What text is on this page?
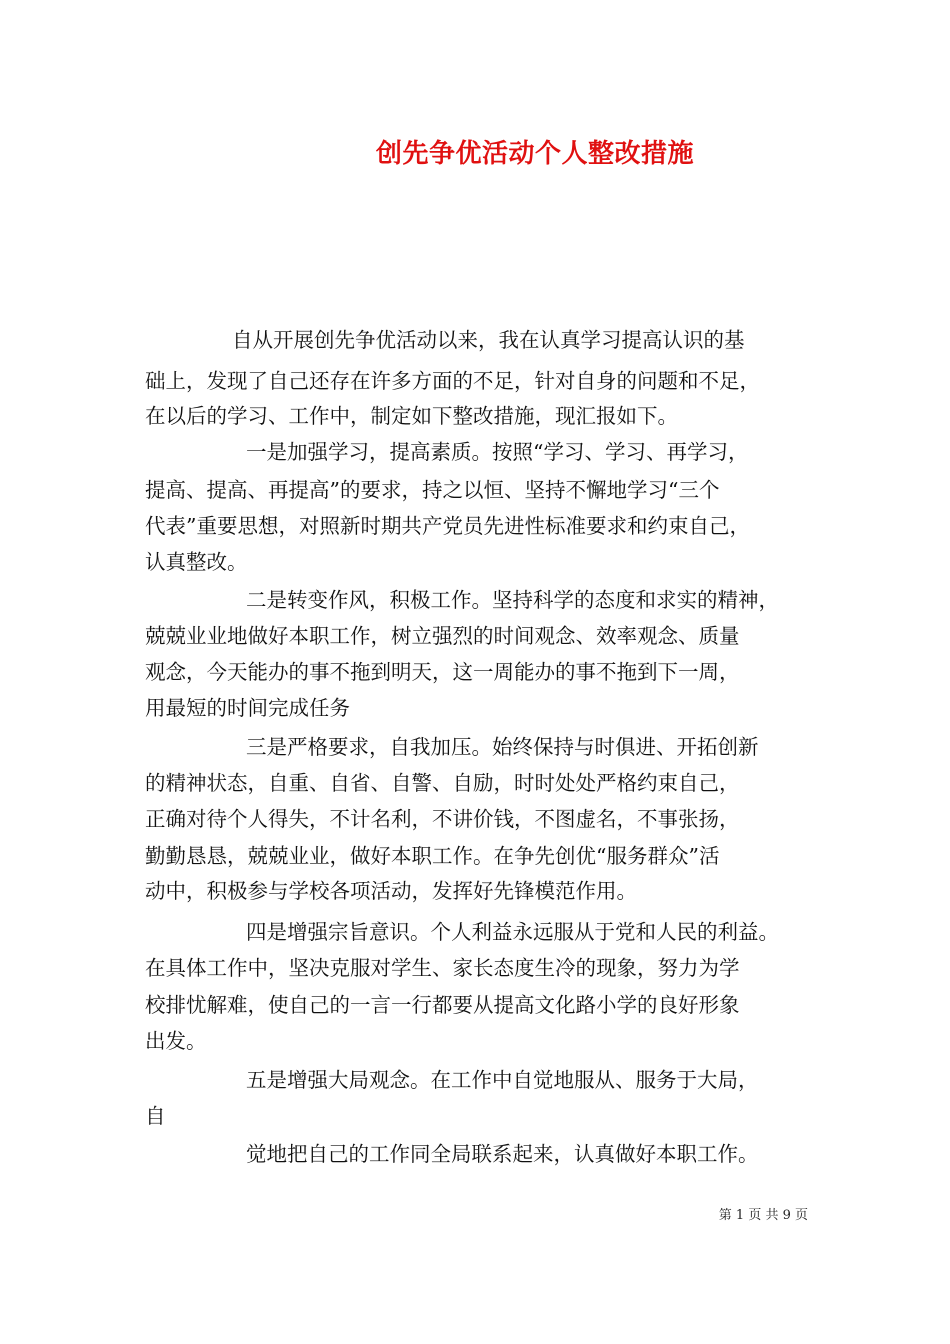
创先争优活动个人整改措施
自从开展创先争优活动以来，我在认真学习提高认识的基
础上，发现了自己还存在许多方面的不足，针对自身的问题和不足，
在以后的学习、工作中，制定如下整改措施，现汇报如下。
一是加强学习，提高素质。按照“学习、学习、再学习，
提高、提高、再提高”的要求，持之以恒、坚持不懈地学习“三个
代表”重要思想，对照新时期共产党员先进性标准要求和约束自己，
认真整改。
二是转变作风，积极工作。坚持科学的态度和求实的精神，
兢兢业业地做好本职工作，树立强烈的时间观念、效率观念、质量
观念，今天能办的事不拖到明天，这一周能办的事不拖到下一周，
用最短的时间完成任务
三是严格要求，自我加压。始终保持与时俱进、开拓创新
的精神状态，自重、自省、自警、自励，时时处处严格约束自己，
正确对待个人得失，不计名利，不讲价钱，不图虚名，不事张扬，
勤勤恳恳，兢兢业业，做好本职工作。在争先创优“服务群众”活
动中，积极参与学校各项活动，发挥好先锋模范作用。
四是增强宗旨意识。个人利益永远服从于党和人民的利益。
在具体工作中，坚决克服对学生、家长态度生冷的现象，努力为学
校排忧解难，使自己的一言一行都要从提高文化路小学的良好形象
出发。
五是增强大局观念。在工作中自觉地服从、服务于大局，
自
觉地把自己的工作同全局联系起来，认真做好本职工作。
第 1 页 共 9 页
